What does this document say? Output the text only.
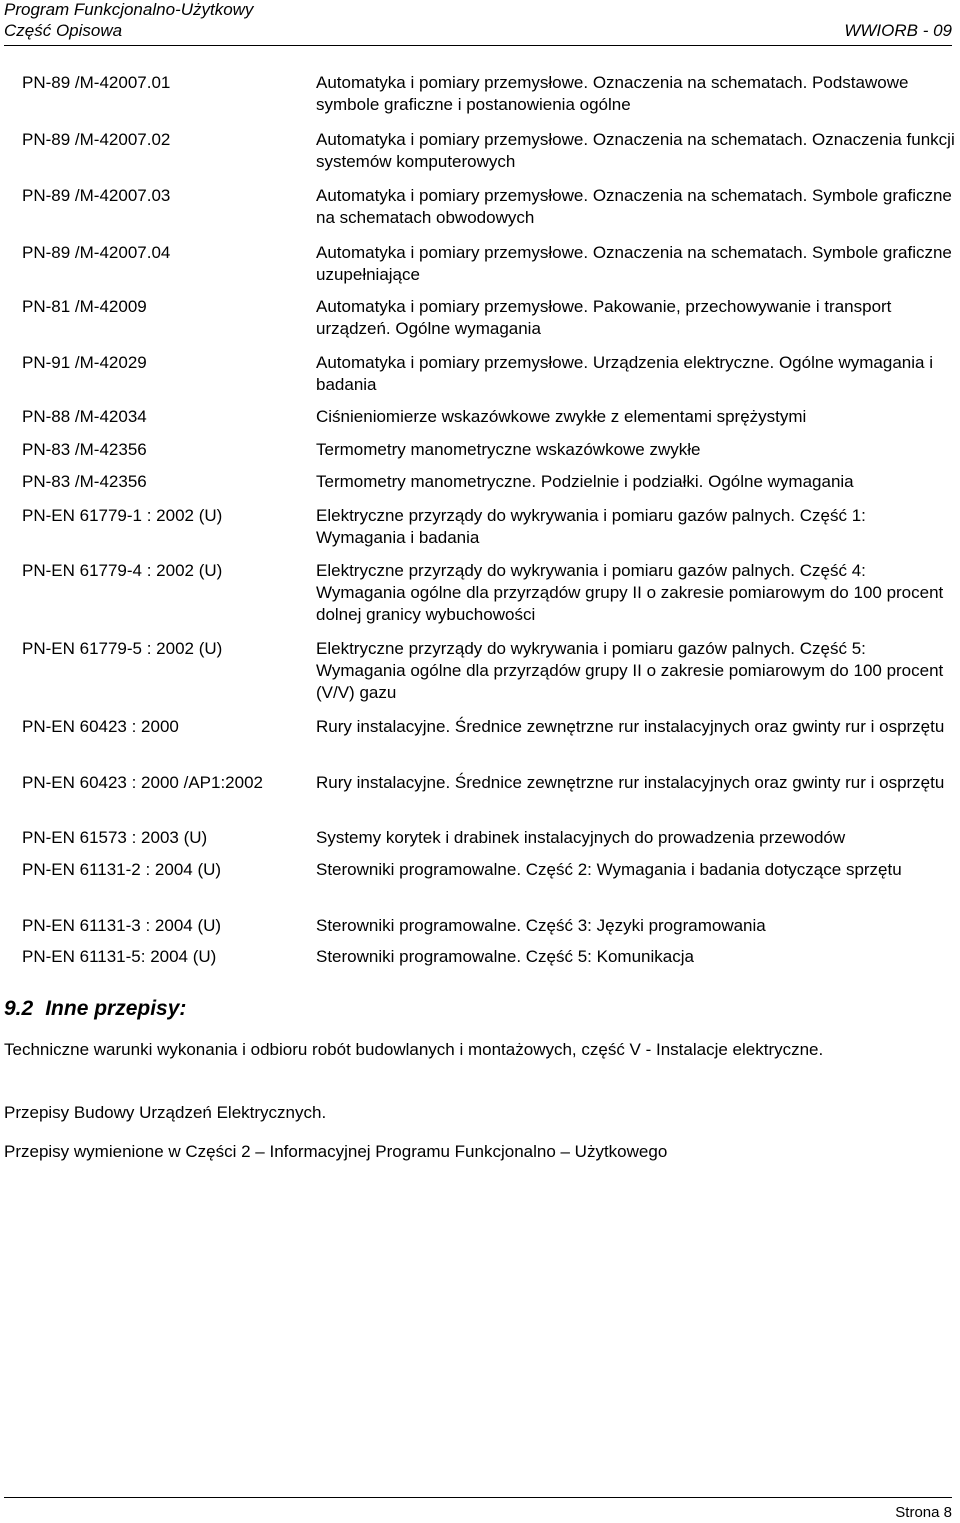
Program Funkcjonalno-Użytkowy
Część Opisowa	WWIORB - 09
PN-89 /M-42007.01	Automatyka i pomiary przemysłowe. Oznaczenia na schematach. Podstawowe symbole graficzne i postanowienia ogólne
PN-89 /M-42007.02	Automatyka i pomiary przemysłowe. Oznaczenia na schematach. Oznaczenia funkcji systemów komputerowych
PN-89 /M-42007.03	Automatyka i pomiary przemysłowe. Oznaczenia na schematach. Symbole graficzne na schematach obwodowych
PN-89 /M-42007.04	Automatyka i pomiary przemysłowe. Oznaczenia na schematach. Symbole graficzne uzupełniające
PN-81 /M-42009	Automatyka i pomiary przemysłowe. Pakowanie, przechowywanie i transport urządzeń. Ogólne wymagania
PN-91 /M-42029	Automatyka i pomiary przemysłowe. Urządzenia elektryczne. Ogólne wymagania i badania
PN-88 /M-42034	Ciśnieniomierze wskazówkowe zwykłe z elementami sprężystymi
PN-83 /M-42356	Termometry manometryczne wskazówkowe zwykłe
PN-83 /M-42356	Termometry manometryczne. Podzielnie i podziałki. Ogólne wymagania
PN-EN 61779-1 : 2002 (U)	Elektryczne przyrządy do wykrywania i pomiaru gazów palnych. Część 1: Wymagania i badania
PN-EN 61779-4 : 2002 (U)	Elektryczne przyrządy do wykrywania i pomiaru gazów palnych. Część 4: Wymagania ogólne dla przyrządów grupy II o zakresie pomiarowym do 100 procent dolnej granicy wybuchowości
PN-EN 61779-5 : 2002 (U)	Elektryczne przyrządy do wykrywania i pomiaru gazów palnych. Część 5: Wymagania ogólne dla przyrządów grupy II o zakresie pomiarowym do 100 procent (V/V) gazu
PN-EN 60423 : 2000	Rury instalacyjne. Średnice zewnętrzne rur instalacyjnych oraz gwinty rur i osprzętu
PN-EN 60423 : 2000 /AP1:2002	Rury instalacyjne. Średnice zewnętrzne rur instalacyjnych oraz gwinty rur i osprzętu
PN-EN 61573 : 2003 (U)	Systemy korytek i drabinek instalacyjnych do prowadzenia przewodów
PN-EN 61131-2 : 2004 (U)	Sterowniki programowalne. Część 2: Wymagania i badania dotyczące sprzętu
PN-EN 61131-3 : 2004 (U)	Sterowniki programowalne. Część 3: Języki programowania
PN-EN 61131-5: 2004 (U)	Sterowniki programowalne. Część 5: Komunikacja
9.2 Inne przepisy:
Techniczne warunki wykonania i odbioru robót budowlanych i montażowych, część V - Instalacje elektryczne.
Przepisy Budowy Urządzeń Elektrycznych.
Przepisy wymienione w Części 2 – Informacyjnej Programu Funkcjonalno – Użytkowego
Strona 8
